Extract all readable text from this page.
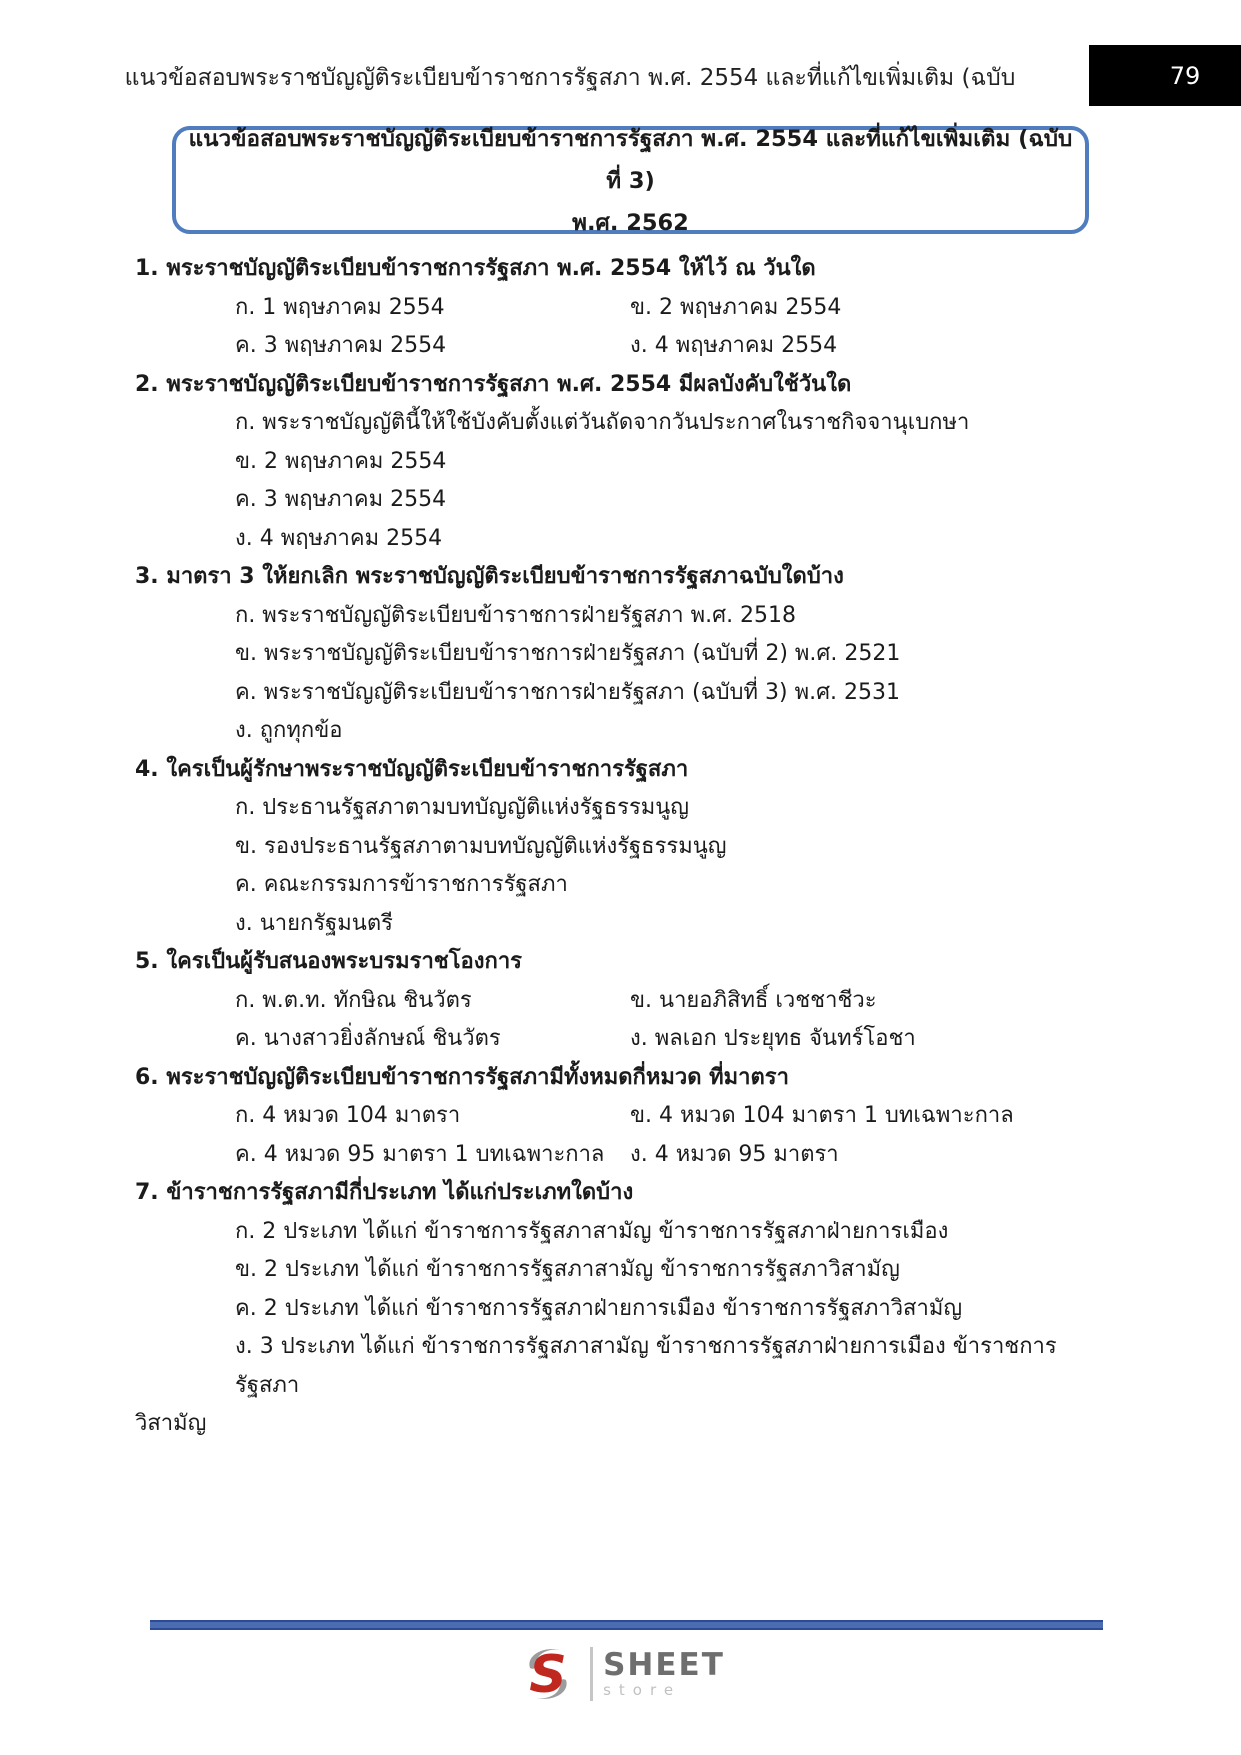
แนวข้อสอบพระราชบัญญัติระเบียบข้าราชการรัฐสภา พ.ศ. 2554 และที่แก้ไขเพิ่มเติม (ฉบับ	79
แนวข้อสอบพระราชบัญญัติระเบียบข้าราชการรัฐสภา พ.ศ. 2554 และที่แก้ไขเพิ่มเติม (ฉบับที่ 3)
พ.ศ. 2562
1. พระราชบัญญัติระเบียบข้าราชการรัฐสภา พ.ศ. 2554 ให้ไว้ ณ วันใด
ก. 1 พฤษภาคม 2554	ข. 2 พฤษภาคม 2554
ค. 3 พฤษภาคม 2554	ง. 4 พฤษภาคม 2554
2. พระราชบัญญัติระเบียบข้าราชการรัฐสภา พ.ศ. 2554 มีผลบังคับใช้วันใด
ก. พระราชบัญญัตินี้ให้ใช้บังคับตั้งแต่วันถัดจากวันประกาศในราชกิจจานุเบกษา
ข. 2 พฤษภาคม 2554
ค. 3 พฤษภาคม 2554
ง. 4 พฤษภาคม 2554
3. มาตรา 3 ให้ยกเลิก พระราชบัญญัติระเบียบข้าราชการรัฐสภาฉบับใดบ้าง
ก. พระราชบัญญัติระเบียบข้าราชการฝ่ายรัฐสภา พ.ศ. 2518
ข. พระราชบัญญัติระเบียบข้าราชการฝ่ายรัฐสภา (ฉบับที่ 2) พ.ศ. 2521
ค. พระราชบัญญัติระเบียบข้าราชการฝ่ายรัฐสภา (ฉบับที่ 3) พ.ศ. 2531
ง. ถูกทุกข้อ
4. ใครเป็นผู้รักษาพระราชบัญญัติระเบียบข้าราชการรัฐสภา
ก. ประธานรัฐสภาตามบทบัญญัติแห่งรัฐธรรมนูญ
ข. รองประธานรัฐสภาตามบทบัญญัติแห่งรัฐธรรมนูญ
ค. คณะกรรมการข้าราชการรัฐสภา
ง. นายกรัฐมนตรี
5. ใครเป็นผู้รับสนองพระบรมราชโองการ
ก. พ.ต.ท. ทักษิณ ชินวัตร	ข. นายอภิสิทธิ์ เวชชาชีวะ
ค. นางสาวยิ่งลักษณ์ ชินวัตร	ง. พลเอก ประยุทธ จันทร์โอชา
6. พระราชบัญญัติระเบียบข้าราชการรัฐสภามีทั้งหมดกี่หมวด ที่มาตรา
ก. 4 หมวด 104 มาตรา	ข. 4 หมวด 104 มาตรา 1 บทเฉพาะกาล
ค. 4 หมวด 95 มาตรา 1 บทเฉพาะกาล	ง. 4 หมวด 95 มาตรา
7. ข้าราชการรัฐสภามีกี่ประเภท ได้แก่ประเภทใดบ้าง
ก. 2 ประเภท ได้แก่ ข้าราชการรัฐสภาสามัญ ข้าราชการรัฐสภาฝ่ายการเมือง
ข. 2 ประเภท ได้แก่ ข้าราชการรัฐสภาสามัญ ข้าราชการรัฐสภาวิสามัญ
ค. 2 ประเภท ได้แก่ ข้าราชการรัฐสภาฝ่ายการเมือง ข้าราชการรัฐสภาวิสามัญ
ง. 3 ประเภท ได้แก่ ข้าราชการรัฐสภาสามัญ ข้าราชการรัฐสภาฝ่ายการเมือง ข้าราชการรัฐสภา
วิสามัญ
S SHEET
store
